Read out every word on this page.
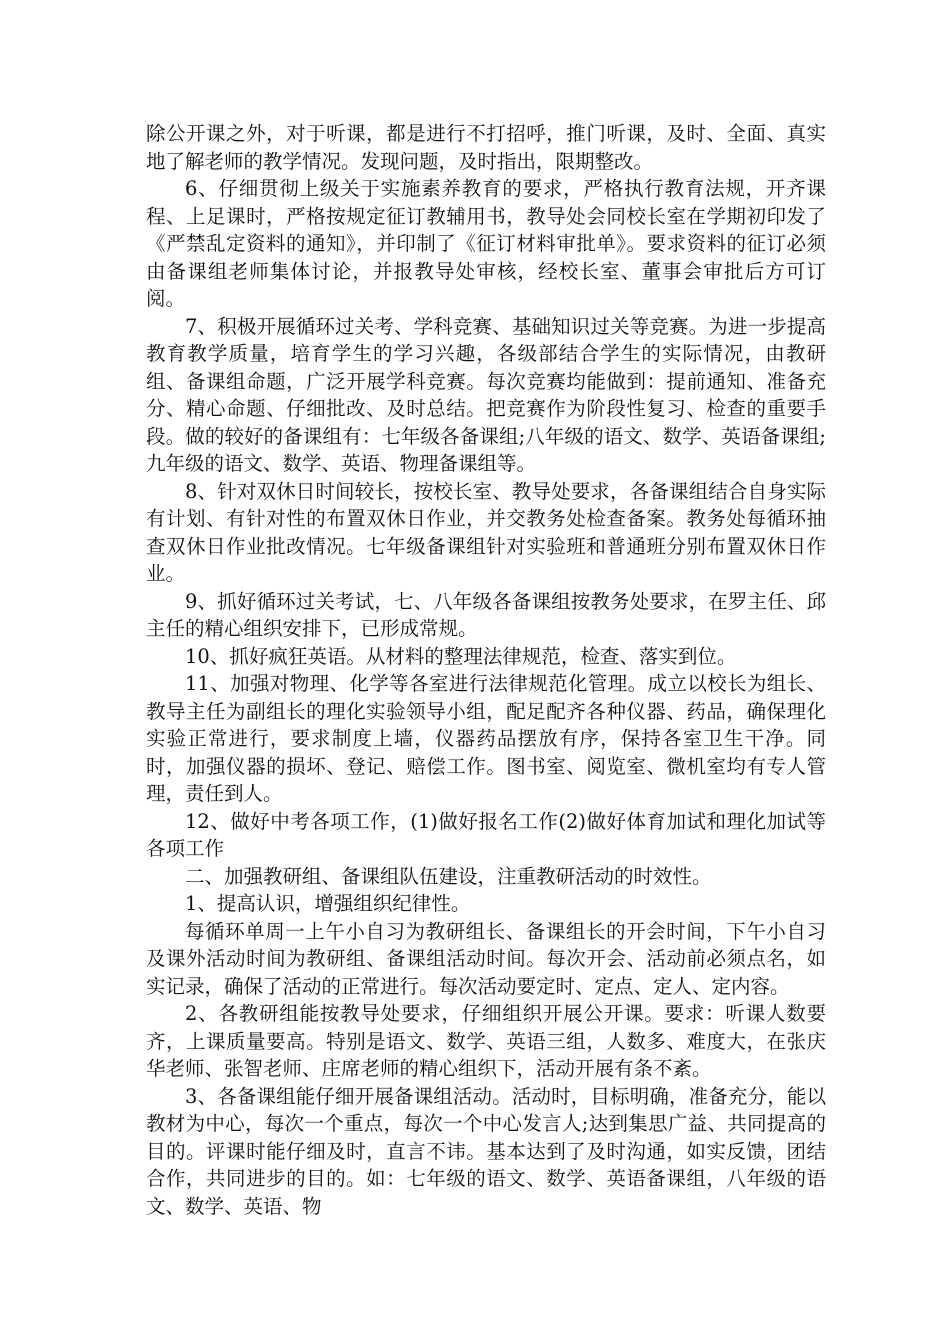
除公开课之外，对于听课，都是进行不打招呼，推门听课，及时、全面、真实地了解老师的教学情况。发现问题，及时指出，限期整改。

6、仔细贯彻上级关于实施素养教育的要求，严格执行教育法规，开齐课程、上足课时，严格按规定征订教辅用书，教导处会同校长室在学期初印发了《严禁乱定资料的通知》，并印制了《征订材料审批单》。要求资料的征订必须由备课组老师集体讨论，并报教导处审核，经校长室、董事会审批后方可订阅。

7、积极开展循环过关考、学科竞赛、基础知识过关等竞赛。为进一步提高教育教学质量，培育学生的学习兴趣，各级部结合学生的实际情况，由教研组、备课组命题，广泛开展学科竞赛。每次竞赛均能做到：提前通知、准备充分、精心命题、仔细批改、及时总结。把竞赛作为阶段性复习、检查的重要手段。做的较好的备课组有：七年级各备课组;八年级的语文、数学、英语备课组;九年级的语文、数学、英语、物理备课组等。

8、针对双休日时间较长，按校长室、教导处要求，各备课组结合自身实际有计划、有针对性的布置双休日作业，并交教务处检查备案。教务处每循环抽查双休日作业批改情况。七年级备课组针对实验班和普通班分别布置双休日作业。

9、抓好循环过关考试，七、八年级各备课组按教务处要求，在罗主任、邱主任的精心组织安排下，已形成常规。

10、抓好疯狂英语。从材料的整理法律规范，检查、落实到位。

11、加强对物理、化学等各室进行法律规范化管理。成立以校长为组长、教导主任为副组长的理化实验领导小组，配足配齐各种仪器、药品，确保理化实验正常进行，要求制度上墙，仪器药品摆放有序，保持各室卫生干净。同时，加强仪器的损坏、登记、赔偿工作。图书室、阅览室、微机室均有专人管理，责任到人。

12、做好中考各项工作，(1)做好报名工作(2)做好体育加试和理化加试等各项工作

二、加强教研组、备课组队伍建设，注重教研活动的时效性。

1、提高认识，增强组织纪律性。

每循环单周一上午小自习为教研组长、备课组长的开会时间，下午小自习及课外活动时间为教研组、备课组活动时间。每次开会、活动前必须点名，如实记录，确保了活动的正常进行。每次活动要定时、定点、定人、定内容。

2、各教研组能按教导处要求，仔细组织开展公开课。要求：听课人数要齐，上课质量要高。特别是语文、数学、英语三组，人数多、难度大，在张庆华老师、张智老师、庄席老师的精心组织下，活动开展有条不紊。

3、各备课组能仔细开展备课组活动。活动时，目标明确，准备充分，能以教材为中心，每次一个重点，每次一个中心发言人;达到集思广益、共同提高的目的。评课时能仔细及时，直言不讳。基本达到了及时沟通，如实反馈，团结合作，共同进步的目的。如：七年级的语文、数学、英语备课组，八年级的语文、数学、英语、物
